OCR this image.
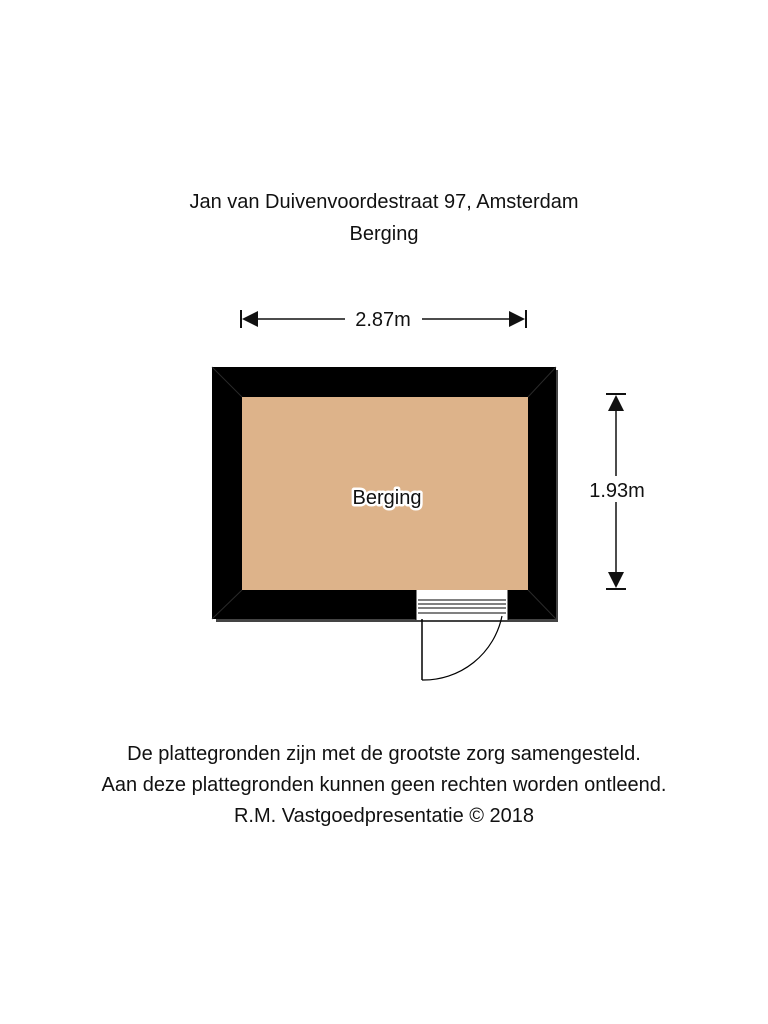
Jan van Duivenvoordestraat 97, Amsterdam
Berging
2.87m
1.93m
Berging
De plattegronden zijn met de grootste zorg samengesteld.
Aan deze plattegronden kunnen geen rechten worden ontleend.
R.M. Vastgoedpresentatie © 2018
